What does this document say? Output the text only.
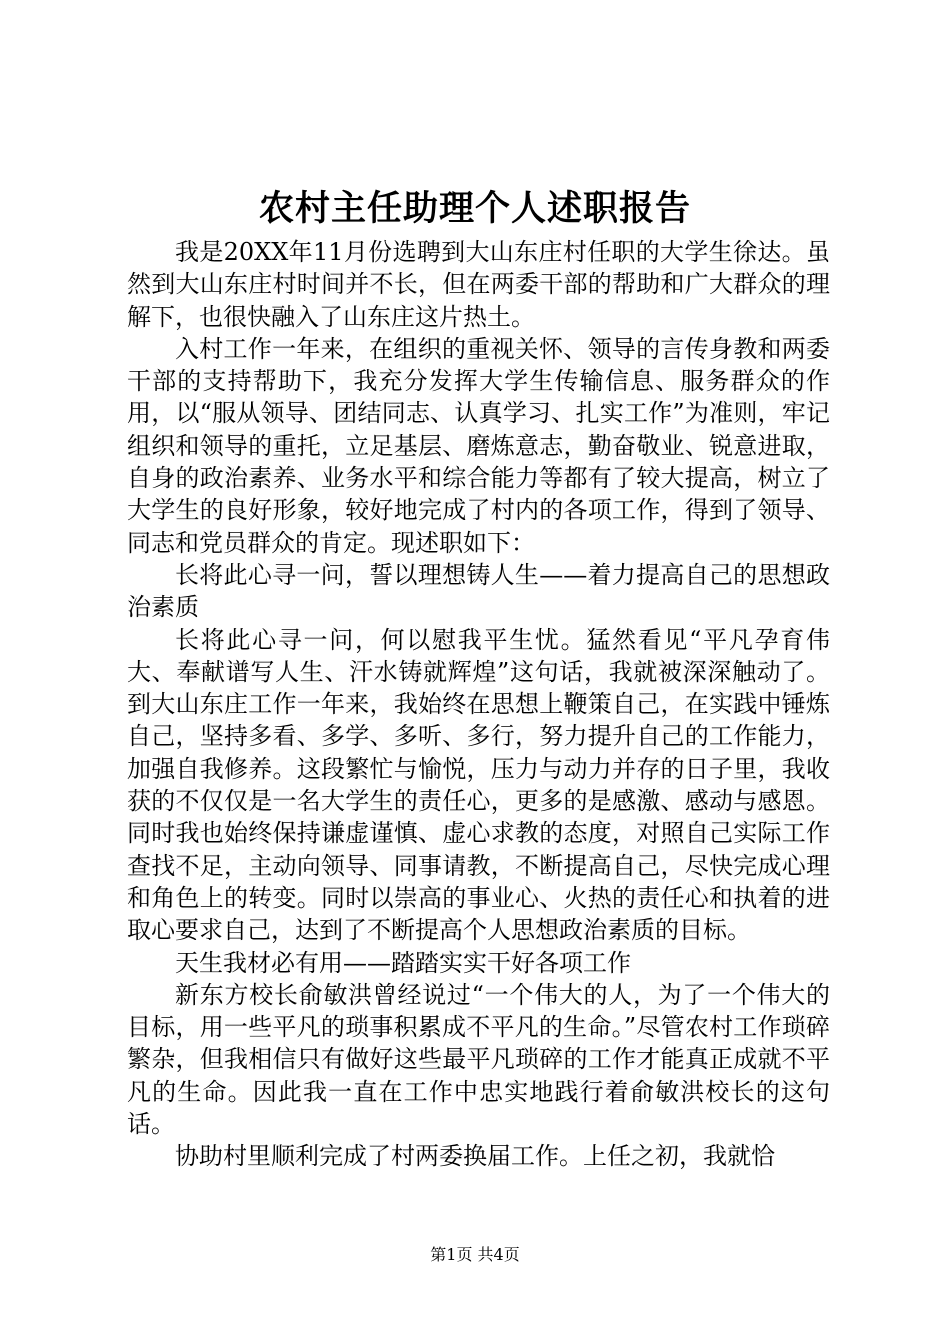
农村主任助理个人述职报告

我是20XX年11月份选聘到大山东庄村任职的大学生徐达。虽然到大山东庄村时间并不长，但在两委干部的帮助和广大群众的理解下，也很快融入了山东庄这片热土。

入村工作一年来，在组织的重视关怀、领导的言传身教和两委干部的支持帮助下，我充分发挥大学生传输信息、服务群众的作用，以“服从领导、团结同志、认真学习、扎实工作”为准则，牢记组织和领导的重托，立足基层、磨炼意志，勤奋敬业、锐意进取，自身的政治素养、业务水平和综合能力等都有了较大提高，树立了大学生的良好形象，较好地完成了村内的各项工作，得到了领导、同志和党员群众的肯定。现述职如下：

长将此心寻一问，誓以理想铸人生——着力提高自己的思想政治素质

长将此心寻一问，何以慰我平生忧。猛然看见“平凡孕育伟大、奉献谱写人生、汗水铸就辉煌”这句话，我就被深深触动了。到大山东庄工作一年来，我始终在思想上鞭策自己，在实践中锤炼自己，坚持多看、多学、多听、多行，努力提升自己的工作能力，加强自我修养。这段繁忙与愉悦，压力与动力并存的日子里，我收获的不仅仅是一名大学生的责任心，更多的是感激、感动与感恩。同时我也始终保持谦虚谨慎、虚心求教的态度，对照自己实际工作查找不足，主动向领导、同事请教，不断提高自己，尽快完成心理和角色上的转变。同时以崇高的事业心、火热的责任心和执着的进取心要求自己，达到了不断提高个人思想政治素质的目标。

天生我材必有用——踏踏实实干好各项工作

新东方校长俞敏洪曾经说过“一个伟大的人，为了一个伟大的目标，用一些平凡的琐事积累成不平凡的生命。”尽管农村工作琐碎繁杂，但我相信只有做好这些最平凡琐碎的工作才能真正成就不平凡的生命。因此我一直在工作中忠实地践行着俞敏洪校长的这句话。

协助村里顺利完成了村两委换届工作。上任之初，我就恰

第1页 共4页
